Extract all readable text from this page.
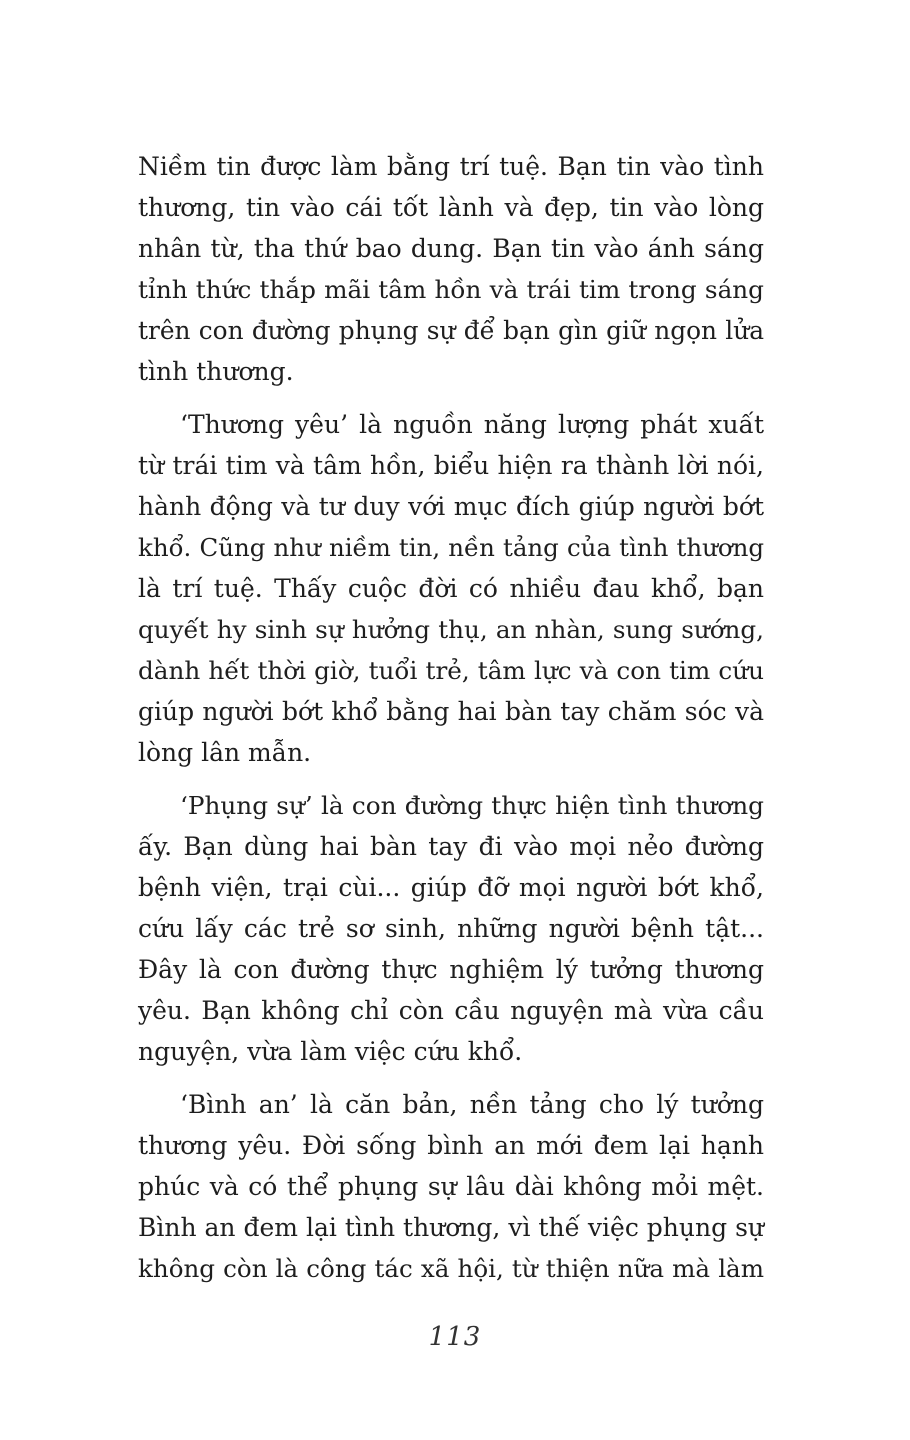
Niềm tin được làm bằng trí tuệ. Bạn tin vào tình
thương, tin vào cái tốt lành và đẹp, tin vào lòng
nhân từ, tha thứ bao dung. Bạn tin vào ánh sáng
tỉnh thức thắp mãi tâm hồn và trái tim trong sáng
trên con đường phụng sự để bạn gìn giữ ngọn lửa
tình thương.
‘Thương yêu’ là nguồn năng lượng phát xuất
từ trái tim và tâm hồn, biểu hiện ra thành lời nói,
hành động và tư duy với mục đích giúp người bớt
khổ. Cũng như niềm tin, nền tảng của tình thương
là trí tuệ. Thấy cuộc đời có nhiều đau khổ, bạn
quyết hy sinh sự hưởng thụ, an nhàn, sung sướng,
dành hết thời giờ, tuổi trẻ, tâm lực và con tim cứu
giúp người bớt khổ bằng hai bàn tay chăm sóc và
lòng lân mẫn.
‘Phụng sự’ là con đường thực hiện tình thương
ấy. Bạn dùng hai bàn tay đi vào mọi nẻo đường
bệnh viện, trại cùi... giúp đỡ mọi người bớt khổ,
cứu lấy các trẻ sơ sinh, những người bệnh tật...
Đây là con đường thực nghiệm lý tưởng thương
yêu. Bạn không chỉ còn cầu nguyện mà vừa cầu
nguyện, vừa làm việc cứu khổ.
‘Bình an’ là căn bản, nền tảng cho lý tưởng
thương yêu. Đời sống bình an mới đem lại hạnh
phúc và có thể phụng sự lâu dài không mỏi mệt.
Bình an đem lại tình thương, vì thế việc phụng sự
không còn là công tác xã hội, từ thiện nữa mà làm
113
